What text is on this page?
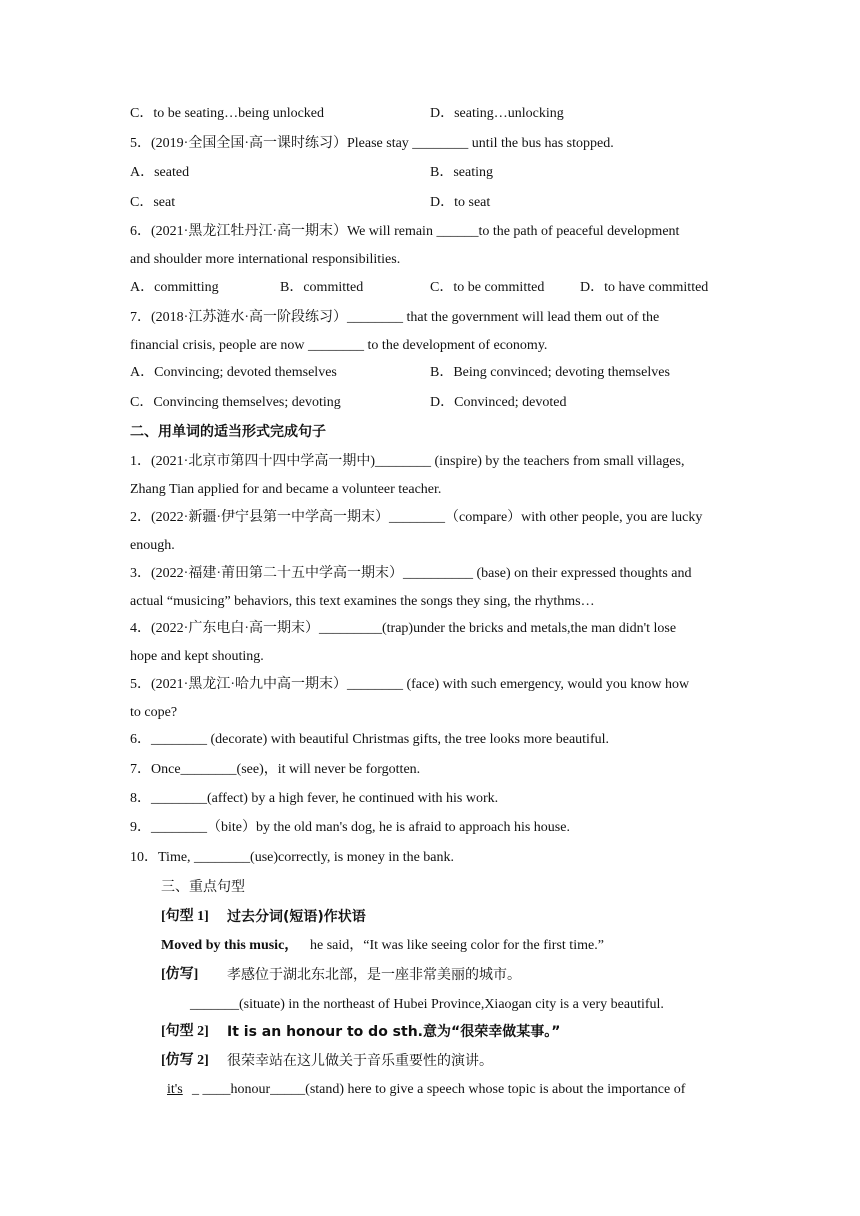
C．to be seating…being unlocked	D．seating…unlocking
5．(2019·全国全国·高一课时练习）Please stay ________ until the bus has stopped.
A．seated	B．seating
C．seat	D．to seat
6．(2021·黑龙江牡丹江·高一期末）We will remain ______to the path of peaceful development
and shoulder more international responsibilities.
A．committing	B．committed	C．to be committed	D．to have committed
7．(2018·江苏涟水·高一阶段练习）________ that the government will lead them out of the
financial crisis, people are now ________ to the development of economy.
A．Convincing; devoted themselves	B．Being convinced; devoting themselves
C．Convincing themselves; devoting	D．Convinced; devoted
二、用单词的适当形式完成句子
1．(2021·北京市第四十四中学高一期中)________ (inspire) by the teachers from small villages,
Zhang Tian applied for and became a volunteer teacher.
2．(2022·新疆·伊宁县第一中学高一期末）________（compare）with other people, you are lucky
enough.
3．(2022·福建·莆田第二十五中学高一期末）__________ (base) on their expressed thoughts and
actual “musicing” behaviors, this text examines the songs they sing, the rhythms…
4．(2022·广东电白·高一期末）_________(trap)under the bricks and metals,the man didn't lose
hope and kept shouting.
5．(2021·黑龙江·哈九中高一期末）________ (face) with such emergency, would you know how
to cope?
6．________ (decorate) with beautiful Christmas gifts, the tree looks more beautiful.
7．Once________(see)，it will never be forgotten.
8．________(affect) by a high fever, he continued with his work.
9．________（bite）by the old man's dog, he is afraid to approach his house.
10．Time, ________(use)correctly, is money in the bank.
三、重点句型
[句型 1] 过去分词(短语)作状语
Moved by this music， he said，“It was like seeing color for the first time.”
[仿写] 孝感位于湖北东北部，是一座非常美丽的城市。
_______(situate) in the northeast of Hubei Province,Xiaogan city is a very beautiful.
[句型 2] It is an honour to do sth.意为“很荣幸做某事。”
[仿写 2] 很荣幸站在这儿做关于音乐重要性的演讲。
it's _ ____honour_____(stand) here to give a speech whose topic is about the importance of
